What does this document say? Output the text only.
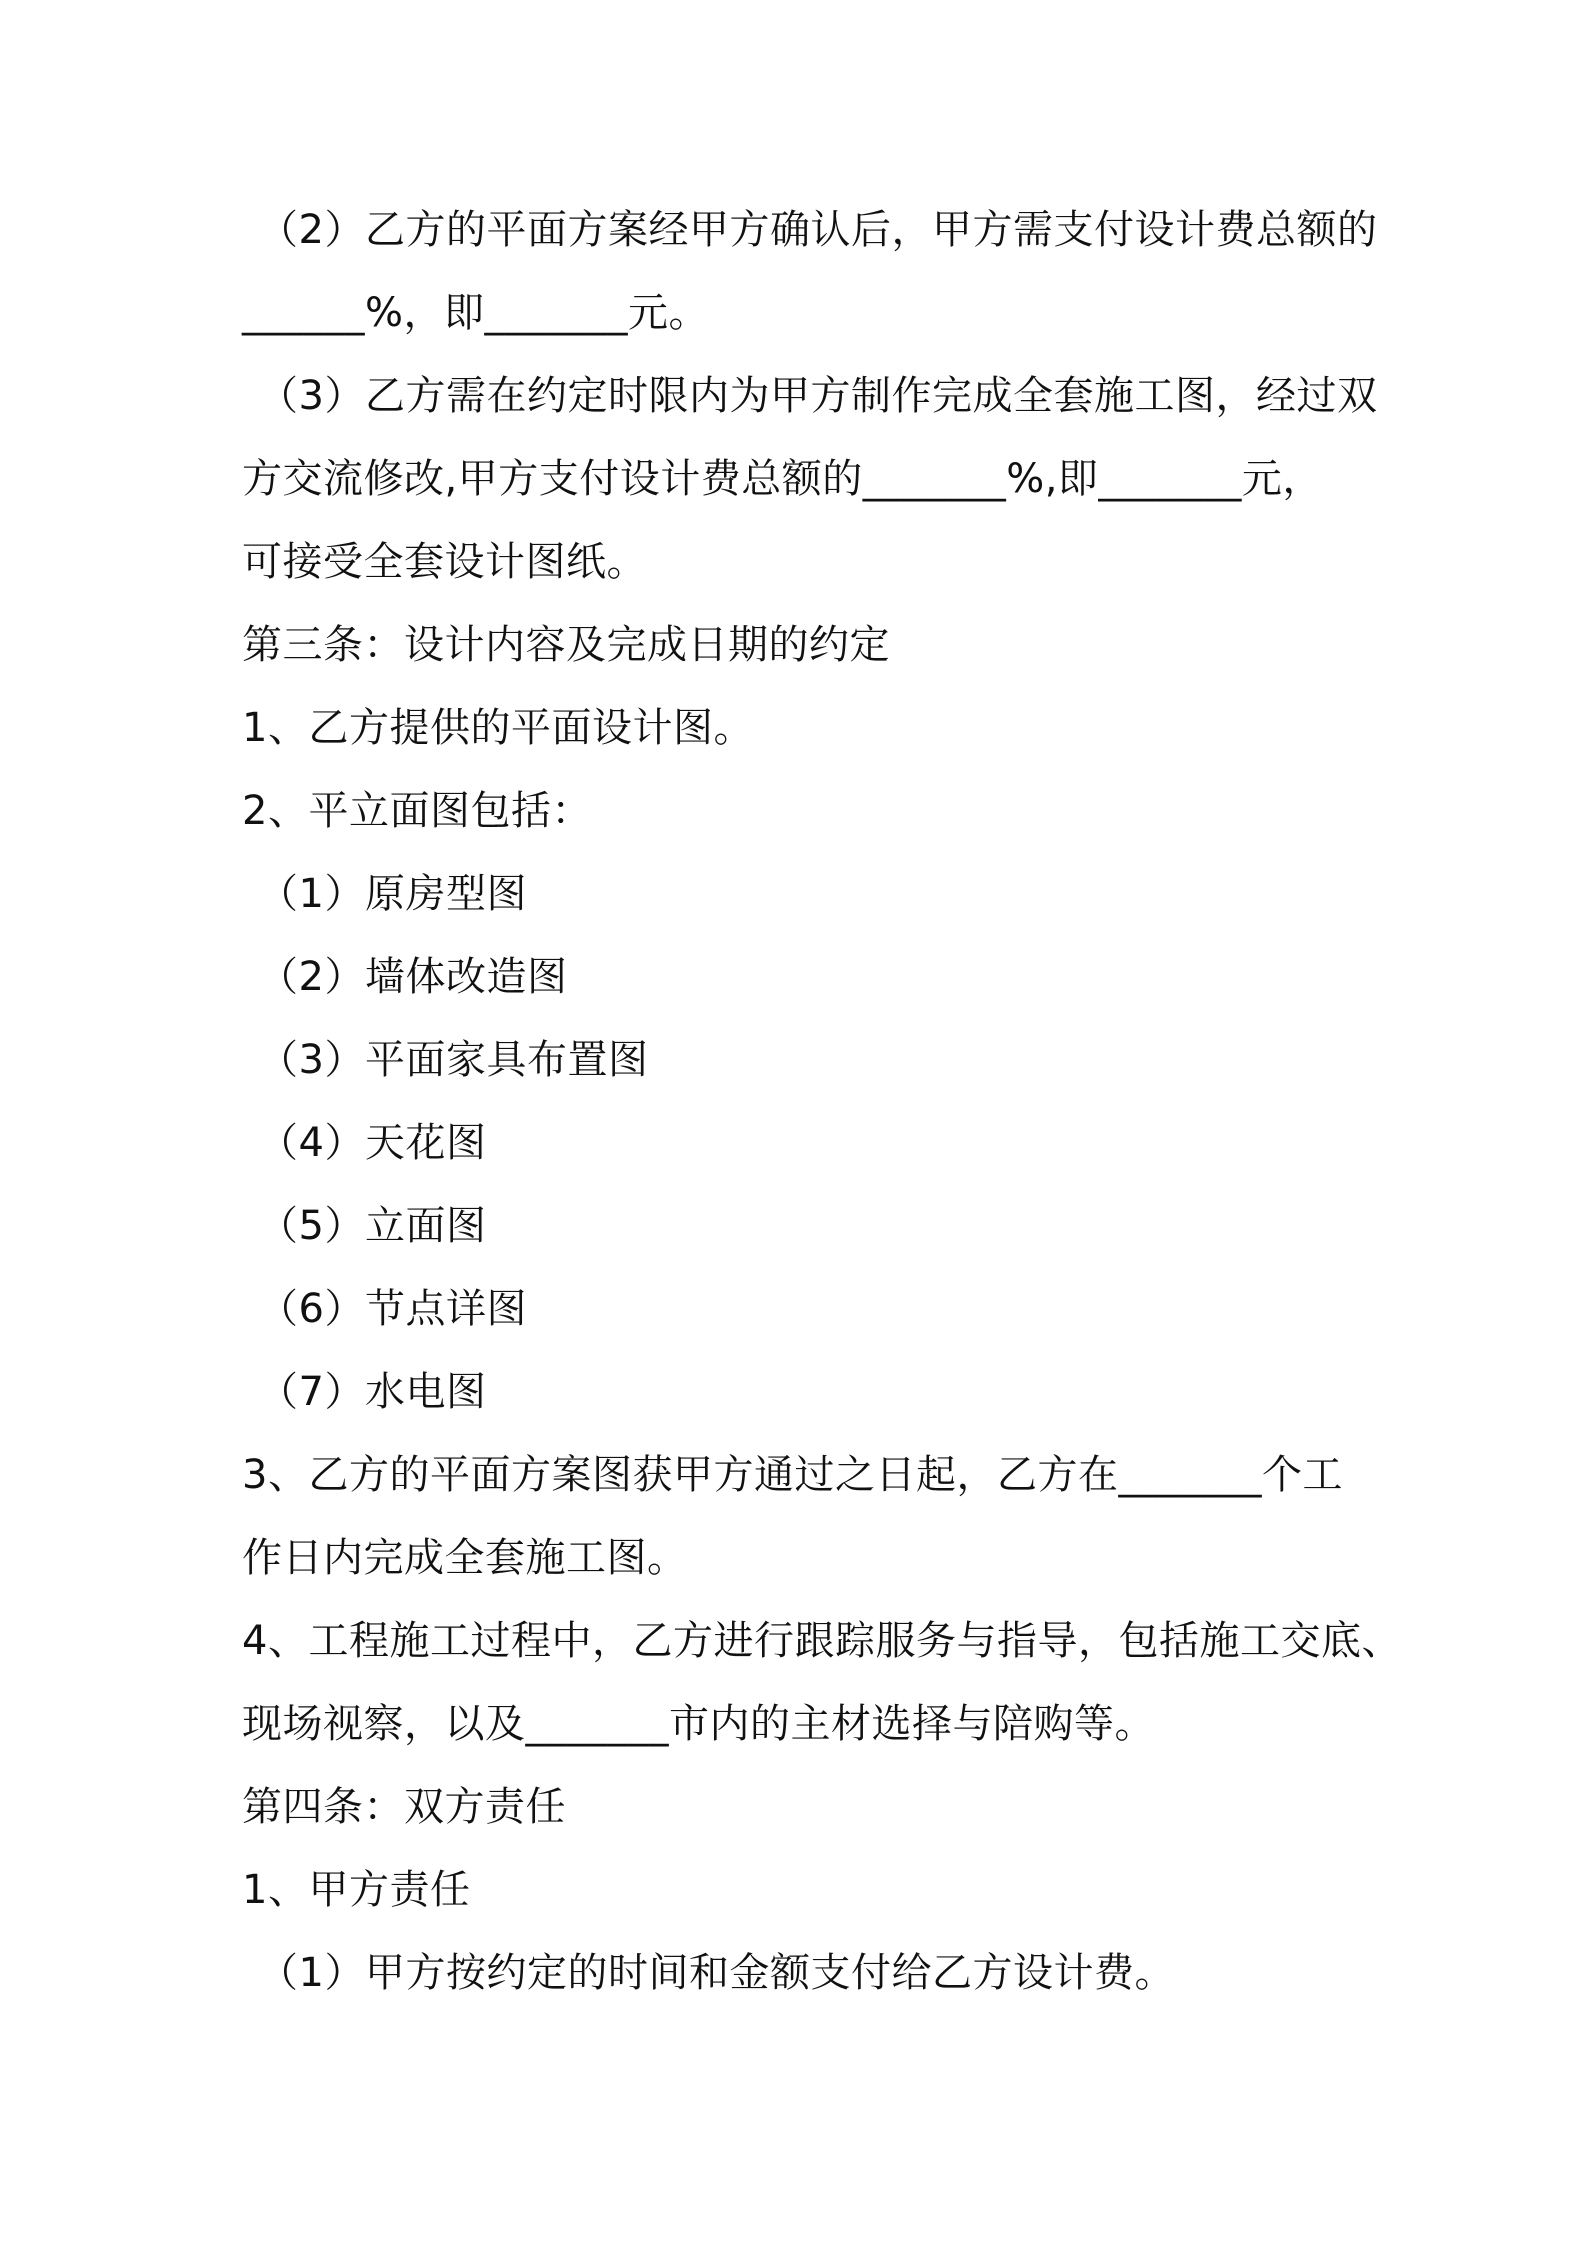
（2）乙方的平面方案经甲方确认后，甲方需支付设计费总额的
______%，即_______元。
（3）乙方需在约定时限内为甲方制作完成全套施工图，经过双
方交流修改,甲方支付设计费总额的_______%,即_______元，
可接受全套设计图纸。
第三条：设计内容及完成日期的约定
1、乙方提供的平面设计图。
2、平立面图包括：
（1）原房型图
（2）墙体改造图
（3）平面家具布置图
（4）天花图
（5）立面图
（6）节点详图
（7）水电图
3、乙方的平面方案图获甲方通过之日起，乙方在_______个工
作日内完成全套施工图。
4、工程施工过程中，乙方进行跟踪服务与指导，包括施工交底、
现场视察，以及_______市内的主材选择与陪购等。
第四条：双方责任
1、甲方责任
（1）甲方按约定的时间和金额支付给乙方设计费。
